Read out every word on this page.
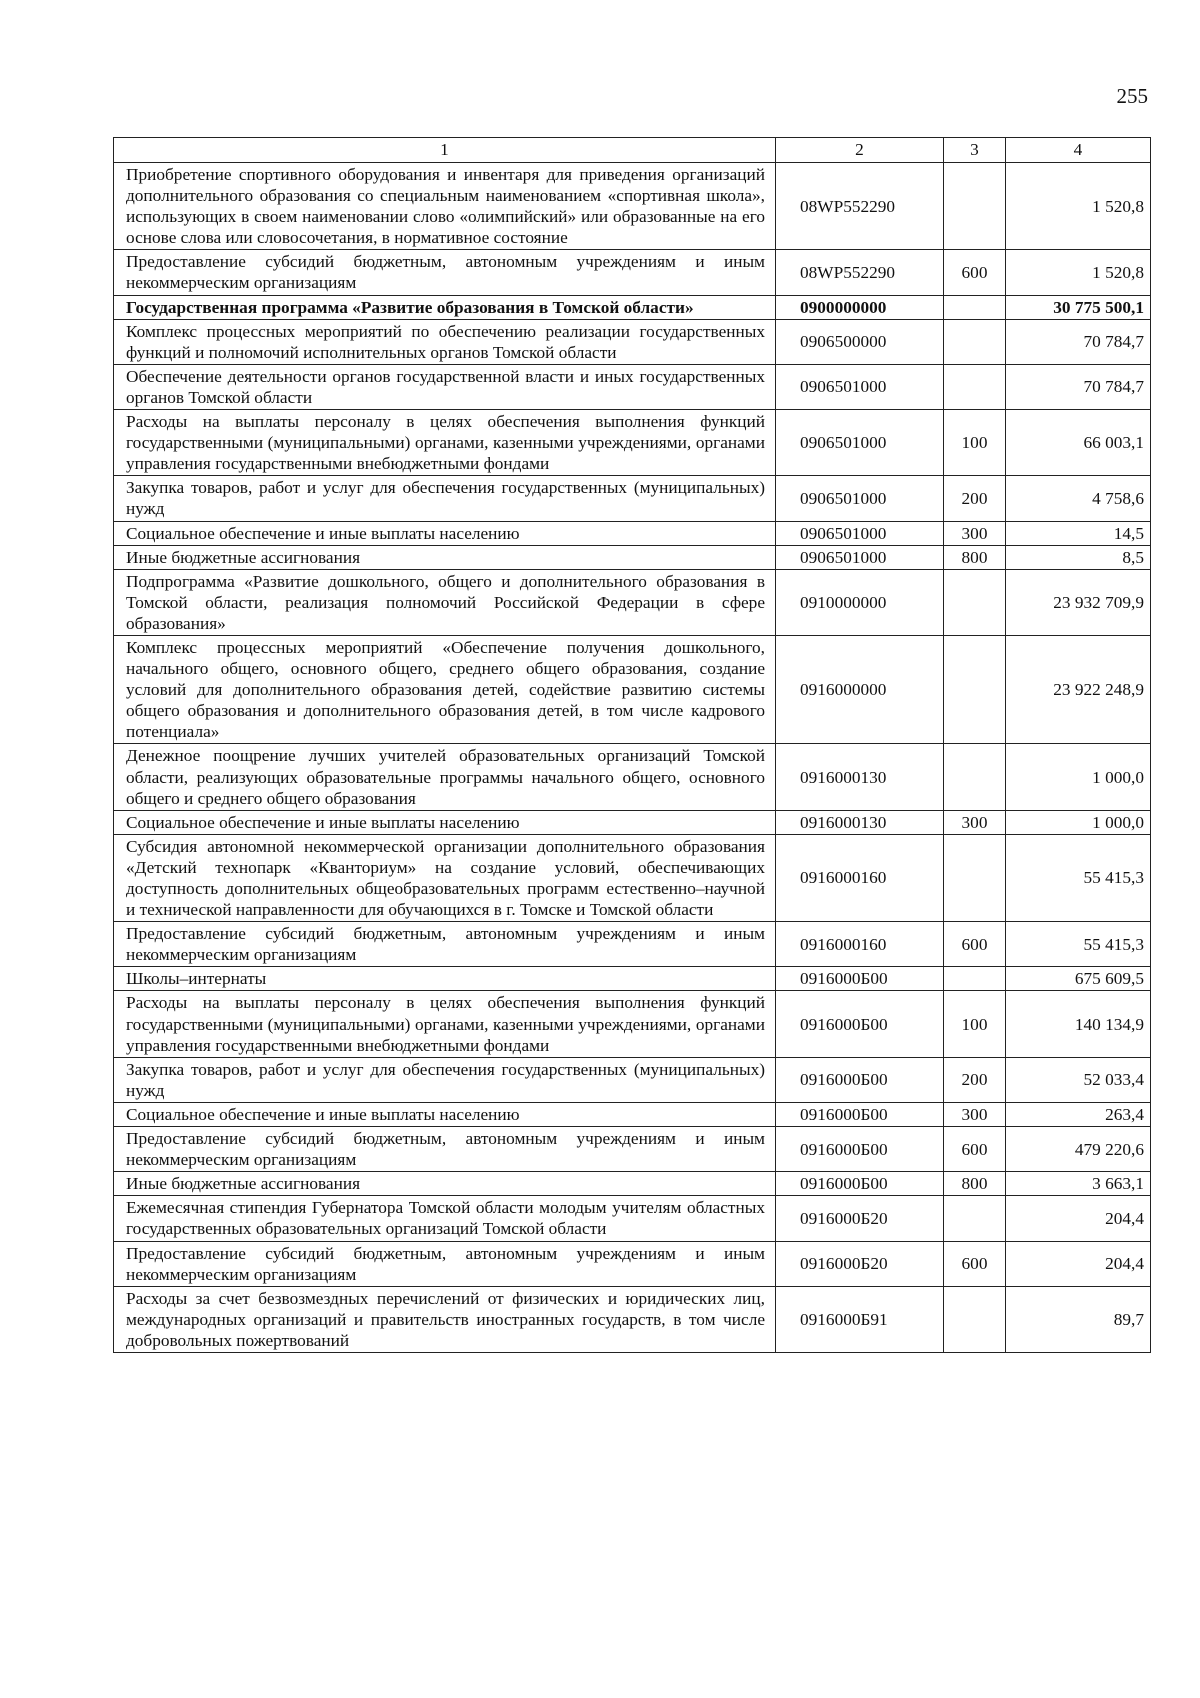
255
1	2	3	4
Приобретение спортивного оборудования и инвентаря для приведения организаций дополнительного образования со специальным наименованием «спортивная школа», использующих в своем наименовании слово «олимпийский» или образованные на его основе слова или словосочетания, в нормативное состояние	08WP552290		1 520,8
Предоставление субсидий бюджетным, автономным учреждениям и иным некоммерческим организациям	08WP552290	600	1 520,8
Государственная программа «Развитие образования в Томской области»	0900000000		30 775 500,1
Комплекс процессных мероприятий по обеспечению реализации государственных функций и полномочий исполнительных органов Томской области	0906500000		70 784,7
Обеспечение деятельности органов государственной власти и иных государственных органов Томской области	0906501000		70 784,7
Расходы на выплаты персоналу в целях обеспечения выполнения функций государственными (муниципальными) органами, казенными учреждениями, органами управления государственными внебюджетными фондами	0906501000	100	66 003,1
Закупка товаров, работ и услуг для обеспечения государственных (муниципальных) нужд	0906501000	200	4 758,6
Социальное обеспечение и иные выплаты населению	0906501000	300	14,5
Иные бюджетные ассигнования	0906501000	800	8,5
Подпрограмма «Развитие дошкольного, общего и дополнительного образования в Томской области, реализация полномочий Российской Федерации в сфере образования»	0910000000		23 932 709,9
Комплекс процессных мероприятий «Обеспечение получения дошкольного, начального общего, основного общего, среднего общего образования, создание условий для дополнительного образования детей, содействие развитию системы общего образования и дополнительного образования детей, в том числе кадрового потенциала»	0916000000		23 922 248,9
Денежное поощрение лучших учителей образовательных организаций Томской области, реализующих образовательные программы начального общего, основного общего и среднего общего образования	0916000130		1 000,0
Социальное обеспечение и иные выплаты населению	0916000130	300	1 000,0
Субсидия автономной некоммерческой организации дополнительного образования «Детский технопарк «Кванториум» на создание условий, обеспечивающих доступность дополнительных общеобразовательных программ естественно–научной и технической направленности для обучающихся в г. Томске и Томской области	0916000160		55 415,3
Предоставление субсидий бюджетным, автономным учреждениям и иным некоммерческим организациям	0916000160	600	55 415,3
Школы–интернаты	0916000Б00		675 609,5
Расходы на выплаты персоналу в целях обеспечения выполнения функций государственными (муниципальными) органами, казенными учреждениями, органами управления государственными внебюджетными фондами	0916000Б00	100	140 134,9
Закупка товаров, работ и услуг для обеспечения государственных (муниципальных) нужд	0916000Б00	200	52 033,4
Социальное обеспечение и иные выплаты населению	0916000Б00	300	263,4
Предоставление субсидий бюджетным, автономным учреждениям и иным некоммерческим организациям	0916000Б00	600	479 220,6
Иные бюджетные ассигнования	0916000Б00	800	3 663,1
Ежемесячная стипендия Губернатора Томской области молодым учителям областных государственных образовательных организаций Томской области	0916000Б20		204,4
Предоставление субсидий бюджетным, автономным учреждениям и иным некоммерческим организациям	0916000Б20	600	204,4
Расходы за счет безвозмездных перечислений от физических и юридических лиц, международных организаций и правительств иностранных государств, в том числе добровольных пожертвований	0916000Б91		89,7
